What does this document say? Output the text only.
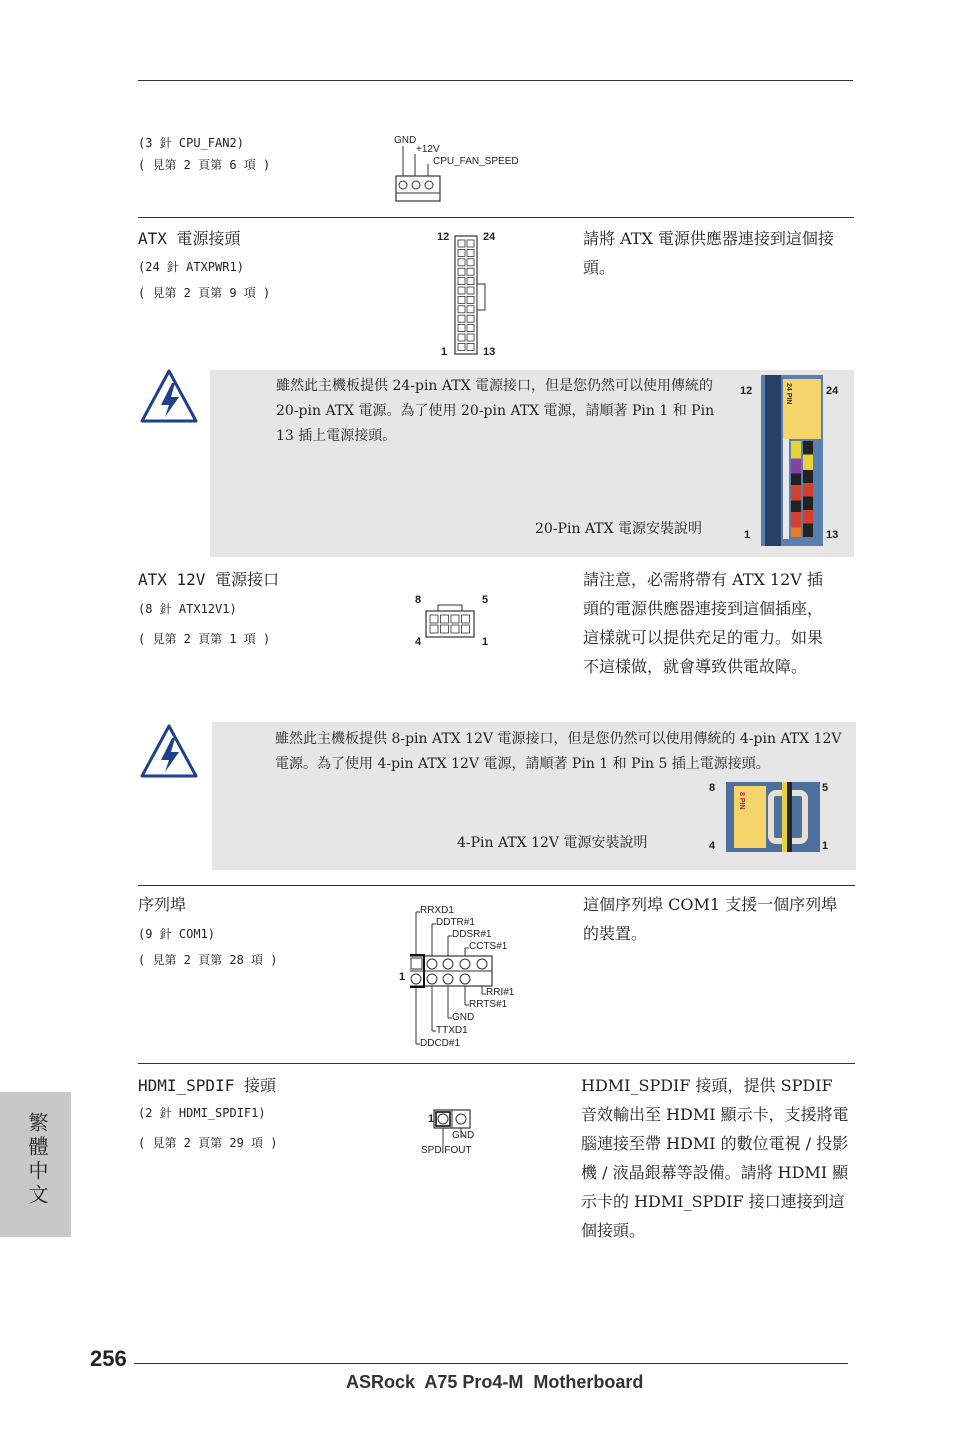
(3 針 CPU_FAN2)
( 見第 2 頁第 6 項 )
GND
+12V
CPU_FAN_SPEED
ATX 電源接頭
(24 針 ATXPWR1)
( 見第 2 頁第 9 項 )
12	24
1	13
請將 ATX 電源供應器連接到這個接頭。
雖然此主機板提供 24-pin ATX 電源接口，但是您仍然可以使用傳統的 20-pin ATX 電源。為了使用 20-pin ATX 電源，請順著 Pin 1 和 Pin 13 插上電源接頭。
20-Pin ATX 電源安裝說明
12	24
1	13
24 PIN
ATX 12V 電源接口
(8 針 ATX12V1)
( 見第 2 頁第 1 項 )
8	5
4	1
請注意，必需將帶有 ATX 12V 插頭的電源供應器連接到這個插座，這樣就可以提供充足的電力。如果不這樣做，就會導致供電故障。
雖然此主機板提供 8-pin ATX 12V 電源接口，但是您仍然可以使用傳統的 4-pin ATX 12V 電源。為了使用 4-pin ATX 12V 電源，請順著 Pin 1 和 Pin 5 插上電源接頭。
4-Pin ATX 12V 電源安裝說明
8	5
4	1
8 PIN
序列埠
(9 針 COM1)
( 見第 2 頁第 28 項 )
這個序列埠 COM1 支援一個序列埠的裝置。
RRXD1
DDTR#1
DDSR#1
CCTS#1
1
RRI#1
RRTS#1
GND
TTXD1
DDCD#1
HDMI_SPDIF 接頭
(2 針 HDMI_SPDIF1)
( 見第 2 頁第 29 項 )
1
GND
SPDIFOUT
HDMI_SPDIF 接頭，提供 SPDIF 音效輸出至 HDMI 顯示卡，支援將電腦連接至帶 HDMI 的數位電視 / 投影機 / 液晶銀幕等設備。請將 HDMI 顯示卡的 HDMI_SPDIF 接口連接到這個接頭。
繁體中文
256
ASRock  A75 Pro4-M  Motherboard
